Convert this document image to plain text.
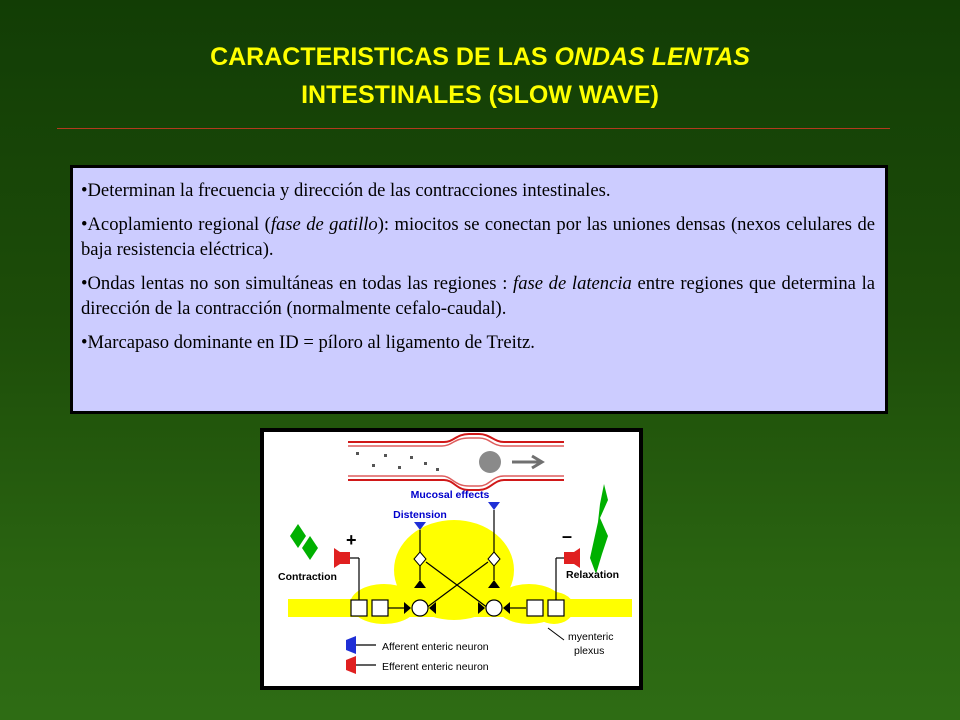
CARACTERISTICAS DE LAS ONDAS LENTAS
INTESTINALES (SLOW WAVE)

•Determinan la frecuencia y dirección de las contracciones intestinales.

•Acoplamiento regional (fase de gatillo): miocitos se conectan por las uniones densas (nexos celulares de baja resistencia eléctrica).

•Ondas lentas no son simultáneas en todas las regiones : fase de latencia entre regiones que determina la dirección de la contracción (normalmente cefalo-caudal).

•Marcapaso dominante en ID = píloro al ligamento de Treitz.

Mucosal effects
Distension
+	–
Contraction	Relaxation
myenteric
plexus
Afferent enteric neuron
Efferent enteric neuron
